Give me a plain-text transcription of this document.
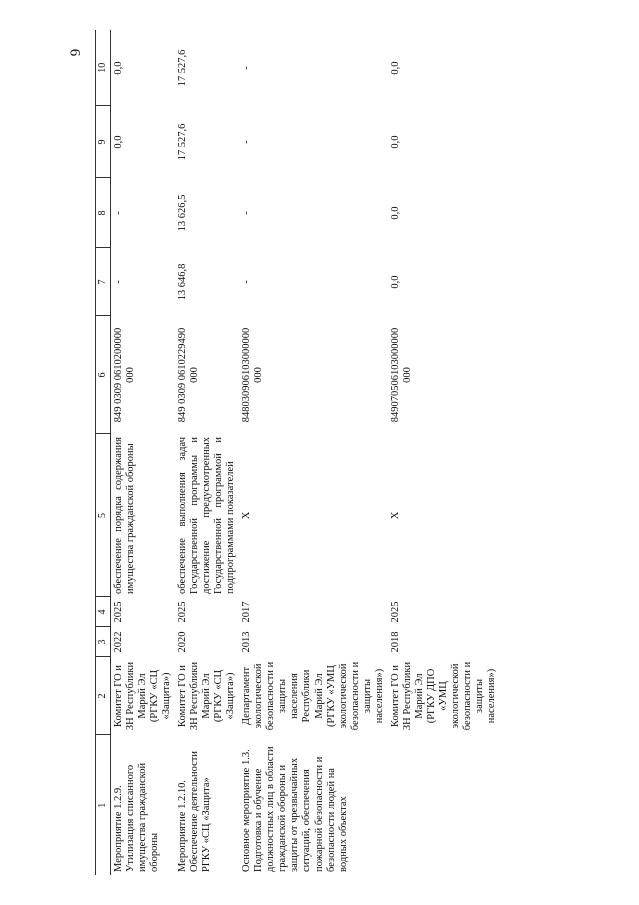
6
1	2	3	4	5	6	7	8	9	10
Мероприятие 1.2.9. Утилизация списанного имущества гражданской обороны	Комитет ГО и ЗН Республики Марий Эл (РГКУ «СЦ «Защита»)	2022	2025	обеспечение порядка содержания имущества гражданской обороны	849 0309 0610200000 000	-	-	0,0	0,0
Мероприятие 1.2.10. Обеспечение деятельности РГКУ «СЦ «Защита»	Комитет ГО и ЗН Республики Марий Эл (РГКУ «СЦ «Защита»)	2020	2025	обеспечение выполнения задач Государственной программы и достижение предусмотренных Государственной программой и подпрограммами показателей	849 0309 0610229490 000	13 646,8	13 626,5	17 527,6	17 527,6
Основное мероприятие 1.3. Подготовка и обучение должностных лиц в области гражданской обороны и защиты от чрезвычайных ситуаций, обеспечения пожарной безопасности и безопасности людей на водных объектах	Департамент экологической безопасности и защиты населения Республики Марий Эл (РГКУ «УМЦ экологической безопасности и защиты населения»)	2013	2017	X	848030906103000000 000	-	-	-	-
	Комитет ГО и ЗН Республики Марий Эл (РГКУ ДПО «УМЦ экологической безопасности и защиты населения»)	2018	2025	X	849070506103000000 000	0,0	0,0	0,0	0,0
